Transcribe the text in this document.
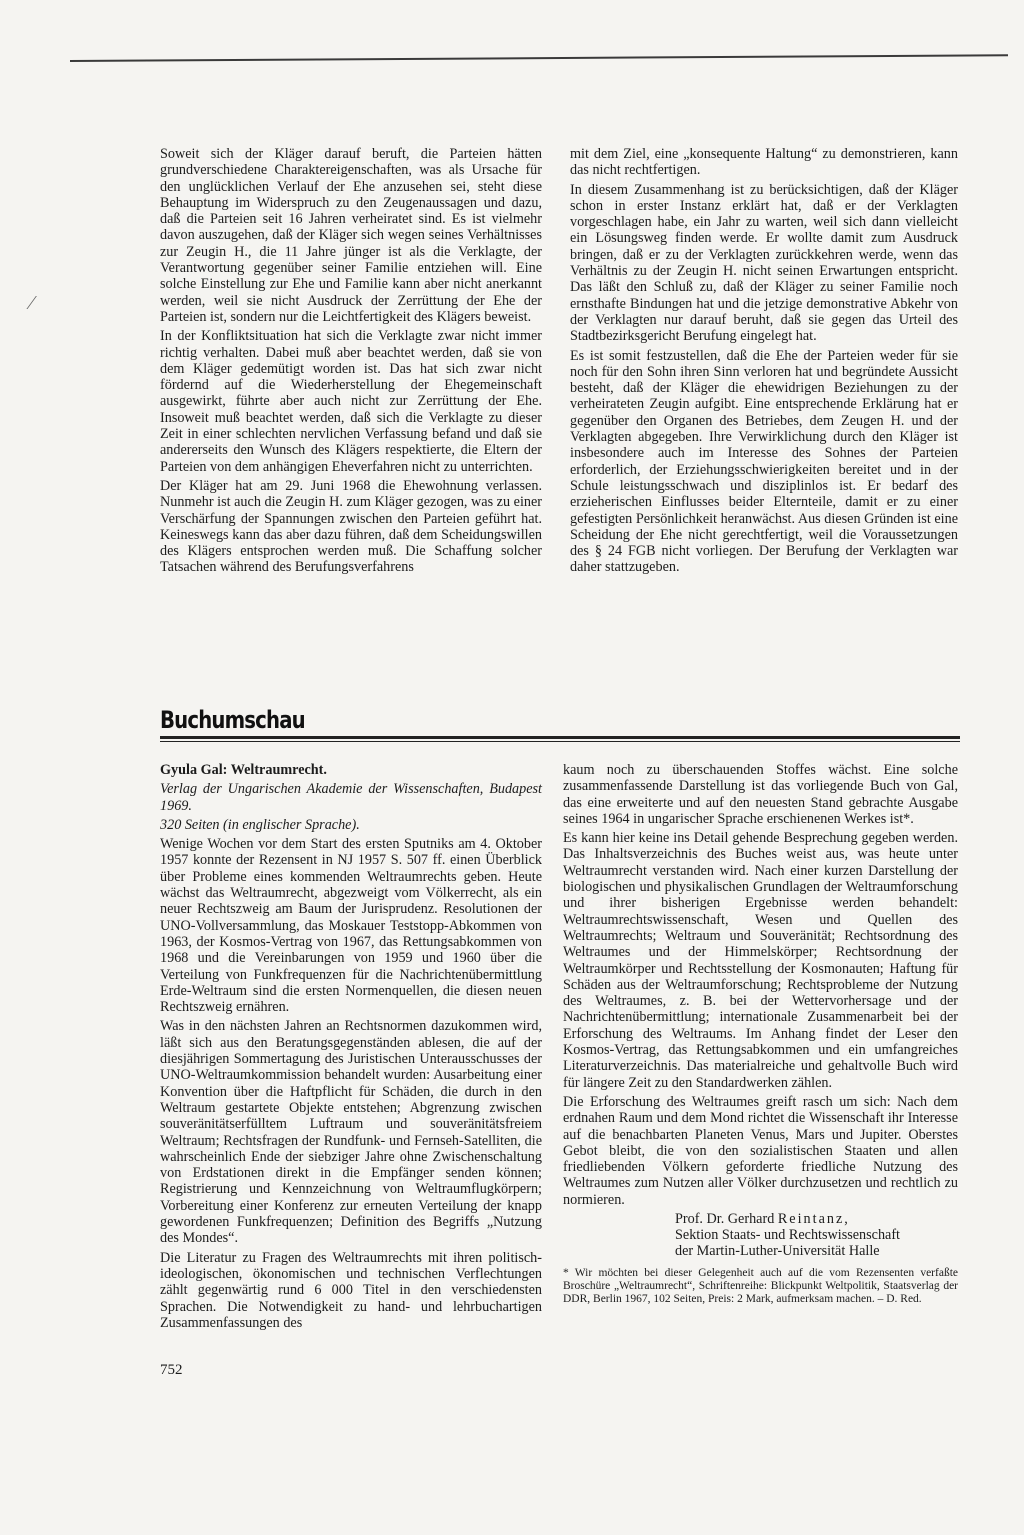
⁄

Soweit sich der Kläger darauf beruft, die Parteien hätten grundverschiedene Charaktereigenschaften, was als Ursache für den unglücklichen Verlauf der Ehe anzusehen sei, steht diese Behauptung im Widerspruch zu den Zeugenaussagen und dazu, daß die Parteien seit 16 Jahren verheiratet sind. Es ist vielmehr davon auszugehen, daß der Kläger sich wegen seines Verhältnisses zur Zeugin H., die 11 Jahre jünger ist als die Verklagte, der Verantwortung gegenüber seiner Familie entziehen will. Eine solche Einstellung zur Ehe und Familie kann aber nicht anerkannt werden, weil sie nicht Ausdruck der Zerrüttung der Ehe der Parteien ist, sondern nur die Leichtfertigkeit des Klägers beweist.

In der Konfliktsituation hat sich die Verklagte zwar nicht immer richtig verhalten. Dabei muß aber beachtet werden, daß sie von dem Kläger gedemütigt worden ist. Das hat sich zwar nicht fördernd auf die Wiederherstellung der Ehegemeinschaft ausgewirkt, führte aber auch nicht zur Zerrüttung der Ehe. Insoweit muß beachtet werden, daß sich die Verklagte zu dieser Zeit in einer schlechten nervlichen Verfassung befand und daß sie andererseits den Wunsch des Klägers respektierte, die Eltern der Parteien von dem anhängigen Eheverfahren nicht zu unterrichten.

Der Kläger hat am 29. Juni 1968 die Ehewohnung verlassen. Nunmehr ist auch die Zeugin H. zum Kläger gezogen, was zu einer Verschärfung der Spannungen zwischen den Parteien geführt hat. Keineswegs kann das aber dazu führen, daß dem Scheidungswillen des Klägers entsprochen werden muß. Die Schaffung solcher Tatsachen während des Berufungsverfahrens

mit dem Ziel, eine „konsequente Haltung“ zu demonstrieren, kann das nicht rechtfertigen.

In diesem Zusammenhang ist zu berücksichtigen, daß der Kläger schon in erster Instanz erklärt hat, daß er der Verklagten vorgeschlagen habe, ein Jahr zu warten, weil sich dann vielleicht ein Lösungsweg finden werde. Er wollte damit zum Ausdruck bringen, daß er zu der Verklagten zurückkehren werde, wenn das Verhältnis zu der Zeugin H. nicht seinen Erwartungen entspricht. Das läßt den Schluß zu, daß der Kläger zu seiner Familie noch ernsthafte Bindungen hat und die jetzige demonstrative Abkehr von der Verklagten nur darauf beruht, daß sie gegen das Urteil des Stadtbezirksgericht Berufung eingelegt hat.

Es ist somit festzustellen, daß die Ehe der Parteien weder für sie noch für den Sohn ihren Sinn verloren hat und begründete Aussicht besteht, daß der Kläger die ehewidrigen Beziehungen zu der verheirateten Zeugin aufgibt. Eine entsprechende Erklärung hat er gegenüber den Organen des Betriebes, dem Zeugen H. und der Verklagten abgegeben. Ihre Verwirklichung durch den Kläger ist insbesondere auch im Interesse des Sohnes der Parteien erforderlich, der Erziehungsschwierigkeiten bereitet und in der Schule leistungsschwach und disziplinlos ist. Er bedarf des erzieherischen Einflusses beider Elternteile, damit er zu einer gefestigten Persönlichkeit heranwächst. Aus diesen Gründen ist eine Scheidung der Ehe nicht gerechtfertigt, weil die Voraussetzungen des § 24 FGB nicht vorliegen. Der Berufung der Verklagten war daher stattzugeben.

Buchumschau

Gyula Gal: Weltraumrecht.

Verlag der Ungarischen Akademie der Wissenschaften, Budapest 1969.

320 Seiten (in englischer Sprache).

Wenige Wochen vor dem Start des ersten Sputniks am 4. Oktober 1957 konnte der Rezensent in NJ 1957 S. 507 ff. einen Überblick über Probleme eines kommenden Weltraumrechts geben. Heute wächst das Weltraumrecht, abgezweigt vom Völkerrecht, als ein neuer Rechtszweig am Baum der Jurisprudenz. Resolutionen der UNO-Vollversammlung, das Moskauer Teststopp-Abkommen von 1963, der Kosmos-Vertrag von 1967, das Rettungsabkommen von 1968 und die Vereinbarungen von 1959 und 1960 über die Verteilung von Funkfrequenzen für die Nachrichtenübermittlung Erde-Weltraum sind die ersten Normenquellen, die diesen neuen Rechtszweig ernähren.

Was in den nächsten Jahren an Rechtsnormen dazukommen wird, läßt sich aus den Beratungsgegenständen ablesen, die auf der diesjährigen Sommertagung des Juristischen Unterausschusses der UNO-Weltraumkommission behandelt wurden: Ausarbeitung einer Konvention über die Haftpflicht für Schäden, die durch in den Weltraum gestartete Objekte entstehen; Abgrenzung zwischen souveränitätserfülltem Luftraum und souveränitätsfreiem Weltraum; Rechtsfragen der Rundfunk- und Fernseh-Satelliten, die wahrscheinlich Ende der siebziger Jahre ohne Zwischenschaltung von Erdstationen direkt in die Empfänger senden können; Registrierung und Kennzeichnung von Weltraumflugkörpern; Vorbereitung einer Konferenz zur erneuten Verteilung der knapp gewordenen Funkfrequenzen; Definition des Begriffs „Nutzung des Mondes“.

Die Literatur zu Fragen des Weltraumrechts mit ihren politisch-ideologischen, ökonomischen und technischen Verflechtungen zählt gegenwärtig rund 6 000 Titel in den verschiedensten Sprachen. Die Notwendigkeit zu hand- und lehrbuchartigen Zusammenfassungen des

kaum noch zu überschauenden Stoffes wächst. Eine solche zusammenfassende Darstellung ist das vorliegende Buch von Gal, das eine erweiterte und auf den neuesten Stand gebrachte Ausgabe seines 1964 in ungarischer Sprache erschienenen Werkes ist*.

Es kann hier keine ins Detail gehende Besprechung gegeben werden. Das Inhaltsverzeichnis des Buches weist aus, was heute unter Weltraumrecht verstanden wird. Nach einer kurzen Darstellung der biologischen und physikalischen Grundlagen der Weltraumforschung und ihrer bisherigen Ergebnisse werden behandelt: Weltraumrechtswissenschaft, Wesen und Quellen des Weltraumrechts; Weltraum und Souveränität; Rechtsordnung des Weltraumes und der Himmelskörper; Rechtsordnung der Weltraumkörper und Rechtsstellung der Kosmonauten; Haftung für Schäden aus der Weltraumforschung; Rechtsprobleme der Nutzung des Weltraumes, z. B. bei der Wettervorhersage und der Nachrichtenübermittlung; internationale Zusammenarbeit bei der Erforschung des Weltraums. Im Anhang findet der Leser den Kosmos-Vertrag, das Rettungsabkommen und ein umfangreiches Literaturverzeichnis. Das materialreiche und gehaltvolle Buch wird für längere Zeit zu den Standardwerken zählen.

Die Erforschung des Weltraumes greift rasch um sich: Nach dem erdnahen Raum und dem Mond richtet die Wissenschaft ihr Interesse auf die benachbarten Planeten Venus, Mars und Jupiter. Oberstes Gebot bleibt, die von den sozialistischen Staaten und allen friedliebenden Völkern geforderte friedliche Nutzung des Weltraumes zum Nutzen aller Völker durchzusetzen und rechtlich zu normieren.

Prof. Dr. Gerhard Reintanz,
Sektion Staats- und Rechtswissenschaft
der Martin-Luther-Universität Halle
* Wir möchten bei dieser Gelegenheit auch auf die vom Rezensenten verfaßte Broschüre „Weltraumrecht“, Schriftenreihe: Blickpunkt Weltpolitik, Staatsverlag der DDR, Berlin 1967, 102 Seiten, Preis: 2 Mark, aufmerksam machen. – D. Red.
752
